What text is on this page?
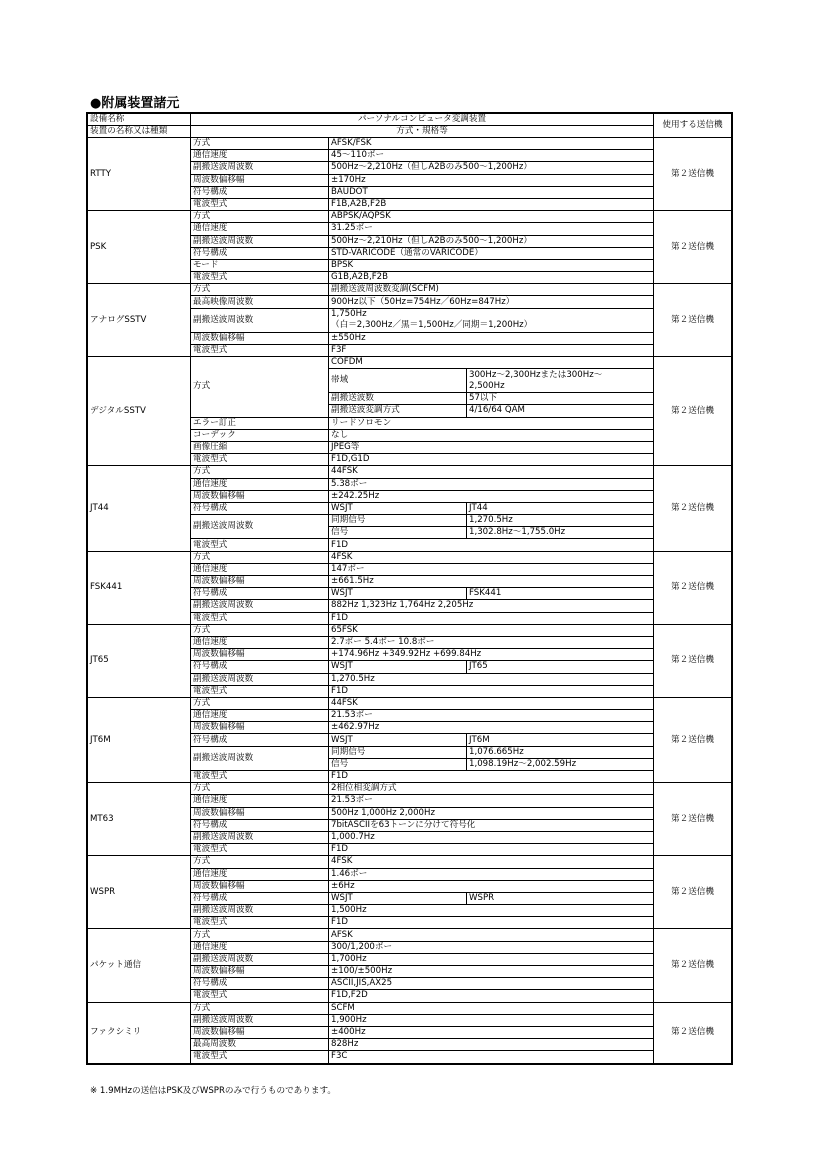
●附属装置諸元
設備名称	パーソナルコンピュータ変調装置			使用する送信機
装置の名称又は種類	方式・規格等			
RTTY	方式	AFSK/FSK		第２送信機
	通信速度	45～110ボー		
	副搬送波周波数	500Hz～2,210Hz（但しA2Bのみ500～1,200Hz）		
	周波数偏移幅	±170Hz		
	符号構成	BAUDOT		
	電波型式	F1B,A2B,F2B		
PSK	方式	ABPSK/AQPSK		第２送信機
	通信速度	31.25ボー		
	副搬送波周波数	500Hz～2,210Hz（但しA2Bのみ500～1,200Hz）		
	符号構成	STD-VARICODE（通常のVARICODE）		
	モード	BPSK		
	電波型式	G1B,A2B,F2B		
アナログSSTV	方式	副搬送波周波数変調(SCFM)		第２送信機
	最高映像周波数	900Hz以下（50Hz=754Hz／60Hz=847Hz）		
	副搬送波周波数	1,750Hz
（白＝2,300Hz／黒＝1,500Hz／同期＝1,200Hz）		
	周波数偏移幅	±550Hz		
	電波型式	F3F		
デジタルSSTV	方式	COFDM		第２送信機
		帯域	300Hz～2,300Hzまたは300Hz～
2,500Hz	
		副搬送波数	57以下	
		副搬送波変調方式	4/16/64 QAM	
	エラー訂正	リードソロモン		
	コーデック	なし		
	画像圧縮	JPEG等		
	電波型式	F1D,G1D		
JT44	方式	44FSK		第２送信機
	通信速度	5.38ボー		
	周波数偏移幅	±242.25Hz		
	符号構成	WSJT	JT44	
	副搬送波周波数	同期信号	1,270.5Hz	
		信号	1,302.8Hz～1,755.0Hz	
	電波型式	F1D		
FSK441	方式	4FSK		第２送信機
	通信速度	147ボー		
	周波数偏移幅	±661.5Hz		
	符号構成	WSJT	FSK441	
	副搬送波周波数	882Hz 1,323Hz 1,764Hz 2,205Hz		
	電波型式	F1D		
JT65	方式	65FSK		第２送信機
	通信速度	2.7ボー 5.4ボー 10.8ボー		
	周波数偏移幅	+174.96Hz +349.92Hz +699.84Hz		
	符号構成	WSJT	JT65	
	副搬送波周波数	1,270.5Hz		
	電波型式	F1D		
JT6M	方式	44FSK		第２送信機
	通信速度	21.53ボー		
	周波数偏移幅	±462.97Hz		
	符号構成	WSJT	JT6M	
	副搬送波周波数	同期信号	1,076.665Hz	
		信号	1,098.19Hz～2,002.59Hz	
	電波型式	F1D		
MT63	方式	2相位相変調方式		第２送信機
	通信速度	21.53ボー		
	周波数偏移幅	500Hz 1,000Hz 2,000Hz		
	符号構成	7bitASCIIを63トーンに分けて符号化		
	副搬送波周波数	1,000.7Hz		
	電波型式	F1D		
WSPR	方式	4FSK		第２送信機
	通信速度	1.46ボー		
	周波数偏移幅	±6Hz		
	符号構成	WSJT	WSPR	
	副搬送波周波数	1,500Hz		
	電波型式	F1D		
パケット通信	方式	AFSK		第２送信機
	通信速度	300/1,200ボー		
	副搬送波周波数	1,700Hz		
	周波数偏移幅	±100/±500Hz		
	符号構成	ASCII,JIS,AX25		
	電波型式	F1D,F2D		
ファクシミリ	方式	SCFM		第２送信機
	副搬送波周波数	1,900Hz		
	周波数偏移幅	±400Hz		
	最高周波数	828Hz		
	電波型式	F3C		
※ 1.9MHzの送信はPSK及びWSPRのみで行うものであります。
